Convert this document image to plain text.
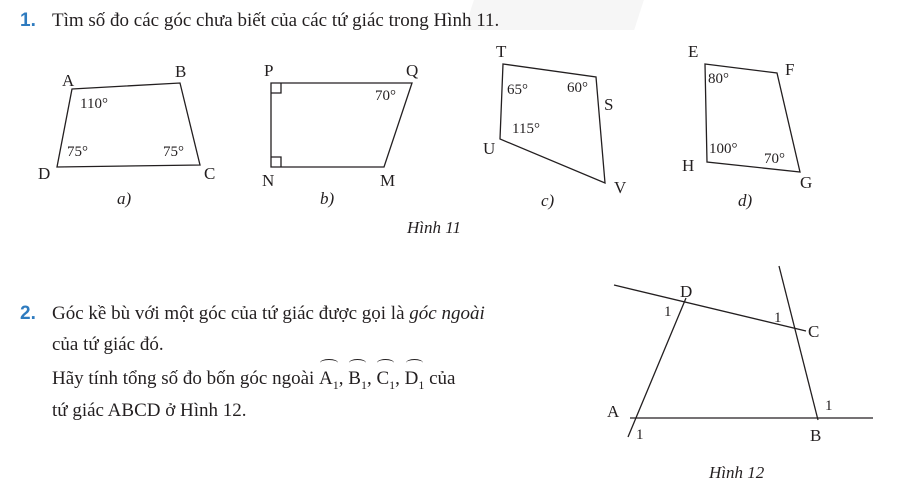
1. Tìm số đo các góc chưa biết của các tứ giác trong Hình 11.
A	B
C
D
110°
75°	75°
a)
P	Q
N	M
70°
b)
T
S
U
V
65°	60°
115°
c)
E
F
G
H
80°
100°
70°
d)
D
C
A
B
1	1
1
1
Hình 11
Hình 12
2. Góc kề bù với một góc của tứ giác được gọi là góc ngoài
của tứ giác đó.
Hãy tính tổng số đo bốn góc ngoài $A_1$, $B_1$, $C_1$, $D_1$ của
tứ giác ABCD ở Hình 12.
